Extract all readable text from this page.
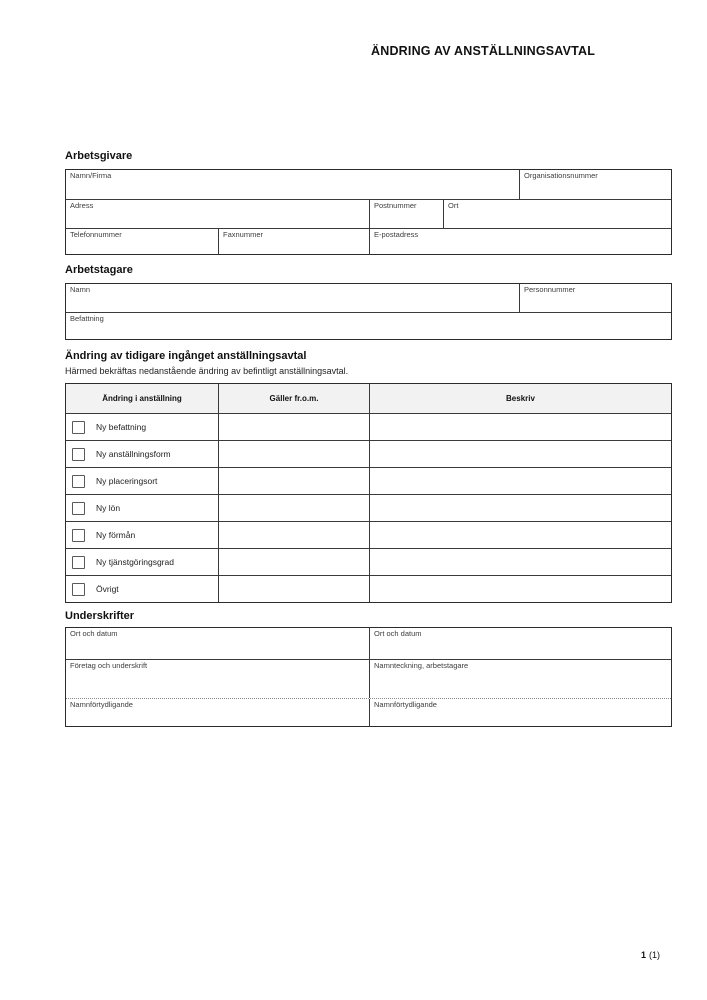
ÄNDRING AV ANSTÄLLNINGSAVTAL
Arbetsgivare
Namn/Firma	Organisationsnummer
Adress	Postnummer	Ort
Telefonnummer	Faxnummer	E-postadress
Arbetstagare
Namn	Personnummer
Befattning
Ändring av tidigare ingånget anställningsavtal
Härmed bekräftas nedanstående ändring av befintligt anställningsavtal.
Ändring i anställning	Gäller fr.o.m.	Beskriv
Ny befattning
Ny anställningsform
Ny placeringsort
Ny lön
Ny förmån
Ny tjänstgöringsgrad
Övrigt
Underskrifter
Ort och datum	Ort och datum
Företag och underskrift	Namnteckning, arbetstagare
Namnförtydligande	Namnförtydligande
1 (1)
